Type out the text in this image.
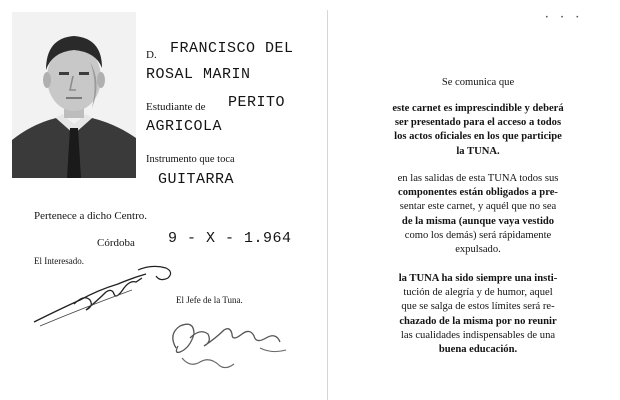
• • •
D. FRANCISCO DEL
ROSAL MARIN
Estudiante de PERITO
AGRICOLA
Instrumento que toca
GUITARRA
Pertenece a dicho Centro.
Córdoba 9 - X - 1.964
El Interesado.
El Jefe de la Tuna.
Se comunica que
este carnet es imprescindible y deberá
ser presentado para el acceso a todos
los actos oficiales en los que participe
la TUNA.
en las salidas de esta TUNA todos sus
componentes están obligados a pre-
sentar este carnet, y aquél que no sea
de la misma (aunque vaya vestido
como los demás) será rápidamente
expulsado.
la TUNA ha sido siempre una insti-
tución de alegría y de humor, aquel
que se salga de estos límites será re-
chazado de la misma por no reunir
las cualidades indispensables de una
buena educación.
